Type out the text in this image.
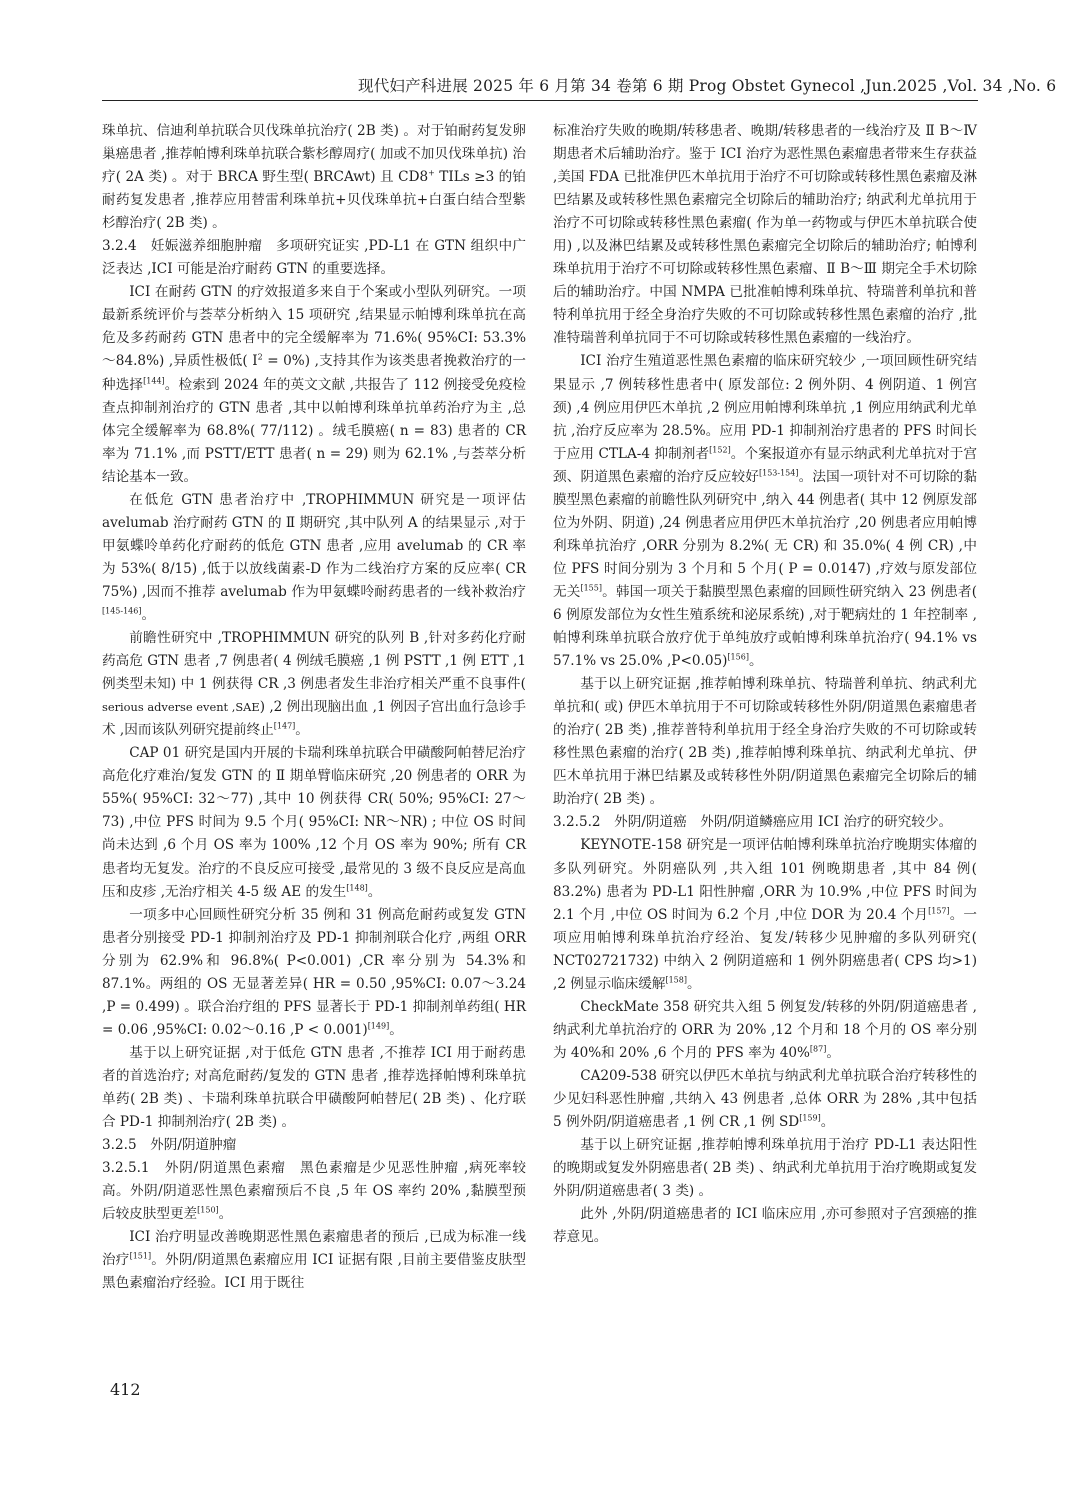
现代妇产科进展 2025 年 6 月第 34 卷第 6 期 Prog Obstet Gynecol ,Jun.2025 ,Vol. 34 ,No. 6

珠单抗、信迪利单抗联合贝伐珠单抗治疗( 2B 类) 。对于铂耐药复发卵巢癌患者 ,推荐帕博利珠单抗联合紫杉醇周疗( 加或不加贝伐珠单抗) 治疗( 2A 类) 。对于 BRCA 野生型( BRCAwt) 且 CD8+ TILs ≥3 的铂耐药复发患者 ,推荐应用替雷利珠单抗+贝伐珠单抗+白蛋白结合型紫杉醇治疗( 2B 类) 。

3.2.4　妊娠滋养细胞肿瘤　多项研究证实 ,PD-L1 在 GTN 组织中广泛表达 ,ICI 可能是治疗耐药 GTN 的重要选择。

ICI 在耐药 GTN 的疗效报道多来自于个案或小型队列研究。一项最新系统评价与荟萃分析纳入 15 项研究 ,结果显示帕博利珠单抗在高危及多药耐药 GTN 患者中的完全缓解率为 71.6%( 95%CI: 53.3%～84.8%) ,异质性极低( $I^2 = 0\%$) ,支持其作为该类患者挽救治疗的一种选择[144]。检索到 2024 年的英文文献 ,共报告了 112 例接受免疫检查点抑制剂治疗的 GTN 患者 ,其中以帕博利珠单抗单药治疗为主 ,总体完全缓解率为 68.8%( 77/112) 。绒毛膜癌( n = 83) 患者的 CR 率为 71.1% ,而 PSTT/ETT 患者( n = 29) 则为 62.1% ,与荟萃分析结论基本一致。

在低危 GTN 患者治疗中 ,TROPHIMMUN 研究是一项评估 avelumab 治疗耐药 GTN 的 Ⅱ 期研究 ,其中队列 A 的结果显示 ,对于甲氨蝶呤单药化疗耐药的低危 GTN 患者 ,应用 avelumab 的 CR 率为 53%( 8/15) ,低于以放线菌素-D 作为二线治疗方案的反应率( CR 75%) ,因而不推荐 avelumab 作为甲氨蝶呤耐药患者的一线补救治疗[145-146]。

前瞻性研究中 ,TROPHIMMUN 研究的队列 B ,针对多药化疗耐药高危 GTN 患者 ,7 例患者( 4 例绒毛膜癌 ,1 例 PSTT ,1 例 ETT ,1 例类型未知) 中 1 例获得 CR ,3 例患者发生非治疗相关严重不良事件( serious adverse event ,SAE) ,2 例出现脑出血 ,1 例因子宫出血行急诊手术 ,因而该队列研究提前终止[147]。

CAP 01 研究是国内开展的卡瑞利珠单抗联合甲磺酸阿帕替尼治疗高危化疗难治/复发 GTN 的 Ⅱ 期单臂临床研究 ,20 例患者的 ORR 为 55%( 95%CI: 32～77) ,其中 10 例获得 CR( 50%; 95%CI: 27～73) ,中位 PFS 时间为 9.5 个月( 95%CI: NR～NR) ; 中位 OS 时间尚未达到 ,6 个月 OS 率为 100% ,12 个月 OS 率为 90%; 所有 CR 患者均无复发。治疗的不良反应可接受 ,最常见的 3 级不良反应是高血压和皮疹 ,无治疗相关 4-5 级 AE 的发生[148]。

一项多中心回顾性研究分析 35 例和 31 例高危耐药或复发 GTN 患者分别接受 PD-1 抑制剂治疗及 PD-1 抑制剂联合化疗 ,两组 ORR 分别为 62.9%和 96.8%( P<0.001) ,CR 率分别为 54.3%和 87.1%。两组的 OS 无显著差异( HR = 0.50 ,95%CI: 0.07～3.24 ,P = 0.499) 。联合治疗组的 PFS 显著长于 PD-1 抑制剂单药组( HR = 0.06 ,95%CI: 0.02～0.16 ,P < 0.001)[149]。

基于以上研究证据 ,对于低危 GTN 患者 ,不推荐 ICI 用于耐药患者的首选治疗; 对高危耐药/复发的 GTN 患者 ,推荐选择帕博利珠单抗单药( 2B 类) 、卡瑞利珠单抗联合甲磺酸阿帕替尼( 2B 类) 、化疗联合 PD-1 抑制剂治疗( 2B 类) 。

3.2.5　外阴/阴道肿瘤

3.2.5.1　外阴/阴道黑色素瘤　黑色素瘤是少见恶性肿瘤 ,病死率较高。外阴/阴道恶性黑色素瘤预后不良 ,5 年 OS 率约 20% ,黏膜型预后较皮肤型更差[150]。

ICI 治疗明显改善晚期恶性黑色素瘤患者的预后 ,已成为标准一线治疗[151]。外阴/阴道黑色素瘤应用 ICI 证据有限 ,目前主要借鉴皮肤型黑色素瘤治疗经验。ICI 用于既往

标准治疗失败的晚期/转移患者、晚期/转移患者的一线治疗及 Ⅱ B～Ⅳ 期患者术后辅助治疗。鉴于 ICI 治疗为恶性黑色素瘤患者带来生存获益 ,美国 FDA 已批准伊匹木单抗用于治疗不可切除或转移性黑色素瘤及淋巴结累及或转移性黑色素瘤完全切除后的辅助治疗; 纳武利尤单抗用于治疗不可切除或转移性黑色素瘤( 作为单一药物或与伊匹木单抗联合使用) ,以及淋巴结累及或转移性黑色素瘤完全切除后的辅助治疗; 帕博利珠单抗用于治疗不可切除或转移性黑色素瘤、Ⅱ B～Ⅲ 期完全手术切除后的辅助治疗。中国 NMPA 已批准帕博利珠单抗、特瑞普利单抗和普特利单抗用于经全身治疗失败的不可切除或转移性黑色素瘤的治疗 ,批准特瑞普利单抗同于不可切除或转移性黑色素瘤的一线治疗。

ICI 治疗生殖道恶性黑色素瘤的临床研究较少 ,一项回顾性研究结果显示 ,7 例转移性患者中( 原发部位: 2 例外阴、4 例阴道、1 例宫颈) ,4 例应用伊匹木单抗 ,2 例应用帕博利珠单抗 ,1 例应用纳武利尤单抗 ,治疗反应率为 28.5%。应用 PD-1 抑制剂治疗患者的 PFS 时间长于应用 CTLA-4 抑制剂者[152]。个案报道亦有显示纳武利尤单抗对于宫颈、阴道黑色素瘤的治疗反应较好[153-154]。法国一项针对不可切除的黏膜型黑色素瘤的前瞻性队列研究中 ,纳入 44 例患者( 其中 12 例原发部位为外阴、阴道) ,24 例患者应用伊匹木单抗治疗 ,20 例患者应用帕博利珠单抗治疗 ,ORR 分别为 8.2%( 无 CR) 和 35.0%( 4 例 CR) ,中位 PFS 时间分别为 3 个月和 5 个月( P = 0.0147) ,疗效与原发部位无关[155]。韩国一项关于黏膜型黑色素瘤的回顾性研究纳入 23 例患者( 6 例原发部位为女性生殖系统和泌尿系统) ,对于靶病灶的 1 年控制率 ,帕博利珠单抗联合放疗优于单纯放疗或帕博利珠单抗治疗( 94.1% vs 57.1% vs 25.0% ,P<0.05)[156]。

基于以上研究证据 ,推荐帕博利珠单抗、特瑞普利单抗、纳武利尤单抗和( 或) 伊匹木单抗用于不可切除或转移性外阴/阴道黑色素瘤患者的治疗( 2B 类) ,推荐普特利单抗用于经全身治疗失败的不可切除或转移性黑色素瘤的治疗( 2B 类) ,推荐帕博利珠单抗、纳武利尤单抗、伊匹木单抗用于淋巴结累及或转移性外阴/阴道黑色素瘤完全切除后的辅助治疗( 2B 类) 。

3.2.5.2　外阴/阴道癌　外阴/阴道鳞癌应用 ICI 治疗的研究较少。

KEYNOTE-158 研究是一项评估帕博利珠单抗治疗晚期实体瘤的多队列研究。外阴癌队列 ,共入组 101 例晚期患者 ,其中 84 例( 83.2%) 患者为 PD-L1 阳性肿瘤 ,ORR 为 10.9% ,中位 PFS 时间为 2.1 个月 ,中位 OS 时间为 6.2 个月 ,中位 DOR 为 20.4 个月[157]。一项应用帕博利珠单抗治疗经治、复发/转移少见肿瘤的多队列研究( NCT02721732) 中纳入 2 例阴道癌和 1 例外阴癌患者( CPS 均>1) ,2 例显示临床缓解[158]。

CheckMate 358 研究共入组 5 例复发/转移的外阴/阴道癌患者 ,纳武利尤单抗治疗的 ORR 为 20% ,12 个月和 18 个月的 OS 率分别为 40%和 20% ,6 个月的 PFS 率为 40%[87]。

CA209-538 研究以伊匹木单抗与纳武利尤单抗联合治疗转移性的少见妇科恶性肿瘤 ,共纳入 43 例患者 ,总体 ORR 为 28% ,其中包括 5 例外阴/阴道癌患者 ,1 例 CR ,1 例 SD[159]。

基于以上研究证据 ,推荐帕博利珠单抗用于治疗 PD-L1 表达阳性的晚期或复发外阴癌患者( 2B 类) 、纳武利尤单抗用于治疗晚期或复发外阴/阴道癌患者( 3 类) 。

此外 ,外阴/阴道癌患者的 ICI 临床应用 ,亦可参照对子宫颈癌的推荐意见。

412
